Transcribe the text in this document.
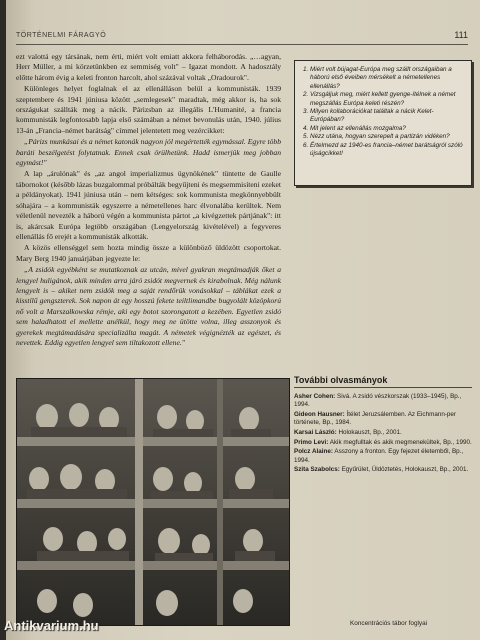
TÖRTÉNELMI FÁRAGYÖ	111

ezt valottá egy társának, nem érti, miért volt emiatt akkora felháborodás. „…agyan, Herr Müller, a mi körzetünkben ez semmiség volt" – Igazat mondott. A hadosztály előtte három évig a keleti fronton harcolt, ahol százával voltak „Oradourok".

Különleges helyet foglalnak el az ellenálláson belül a kommunisták. 1939 szeptembere és 1941 júniusa között „semlegesek" maradtak, még akkor is, ha sok országukat szállták meg a nácik. Párizsban az illegális L'Humanité, a francia kommunisták legfontosabb lapja első számában a német bevonulás után, 1940. július 13-án „Francia–német barátság" címmel jelentetett meg vezércikket:

„Párizs munkásai és a német katonák nagyon jól megértették egymással. Egyre több baráti beszélgetést folytatnak. Ennek csak örülhetünk. Hadd ismerjük meg jobban egymást!"

A lap „árulónak" és „az angol imperializmus ügynökének" tüntette de Gaulle tábornokot (később lázas buzgalommal próbálták begyűjteni és megsemmisíteni ezeket a példányokat). 1941 júniusa után – nem kétséges: sok kommunista megkönnyebbült sóhajára – a kommunisták egyszerre a németellenes harc élvonalába kerültek. Nem véletlenül nevezték a háború végén a kommunista pártot „a kivégzettek pártjának": itt is, akárcsak Európa legtöbb országában (Lengyelország kivételével) a fegyveres ellenállás fő erejét a kommunisták alkották.

A közös ellenséggel sem hozta mindig össze a különböző üldözött csoportokat. Mary Berg 1940 januárjában jegyezte le:

„A zsidók egyébként se mutatkoznak az utcán, mivel gyakran megtámadják őket a lengyel huligánok, akik minden arra járó zsidót megvernek és kirabolnak. Még nálunk lengyelt is – akiket nem zsidók meg a saját rendőrük vonásokkal – táblákat ezek a kisstílű gengszterek. Sok napon át egy hosszú fekete teiltlimandbe bugyolált közöpkorú nő volt a Marszałkowska rémje, aki egy botot szorongatott a kezében. Egyetlen zsidó sem haladhatott el mellette anélkül, hogy meg ne ütötte volna, illeg asszonyok és gyerekek megtámadására specializálta magát. A németek végignézték az egészet, és nevettek. Eddig egyetlen lengyel sem tiltakozott ellene."

1. Miért volt bújagat-Európa meg szállt országaiban a háború első éveiben mérsékelt a németellenes ellenállás?
2. Vizsgáljuk meg, miért kellett gyenge-ítélnek a német megszállás Európa keleti részén?
3. Milyen kollaborációkat találtak a nácik Kelet-Európában?
4. Mit jelent az ellenállás mozgalma?
5. Nézz utána, hogyan szerepelt a partizán vidéken?
6. Értelmezd az 1940-es francia–német barátságról szóló újságcikket!
További olvasmányok
Asher Cohen: Sivá. A zsidó vészkorszak (1933–1945), Bp., 1994.
Gideon Hausner: Ítélet Jeruzsálemben. Az Eichmann-per története, Bp., 1984.
Karsai László: Holokauszt, Bp., 2001.
Primo Levi: Akik megfulltak és akik megmenekültek, Bp., 1990.
Polcz Alaine: Asszony a fronton. Egy fejezet életemből, Bp., 1994.
Szita Szabolcs: Egyűrület, Üldöztetés, Holokauszt, Bp., 2001.
Koncentrációs tábor foglyai
Antikvarium.hu
